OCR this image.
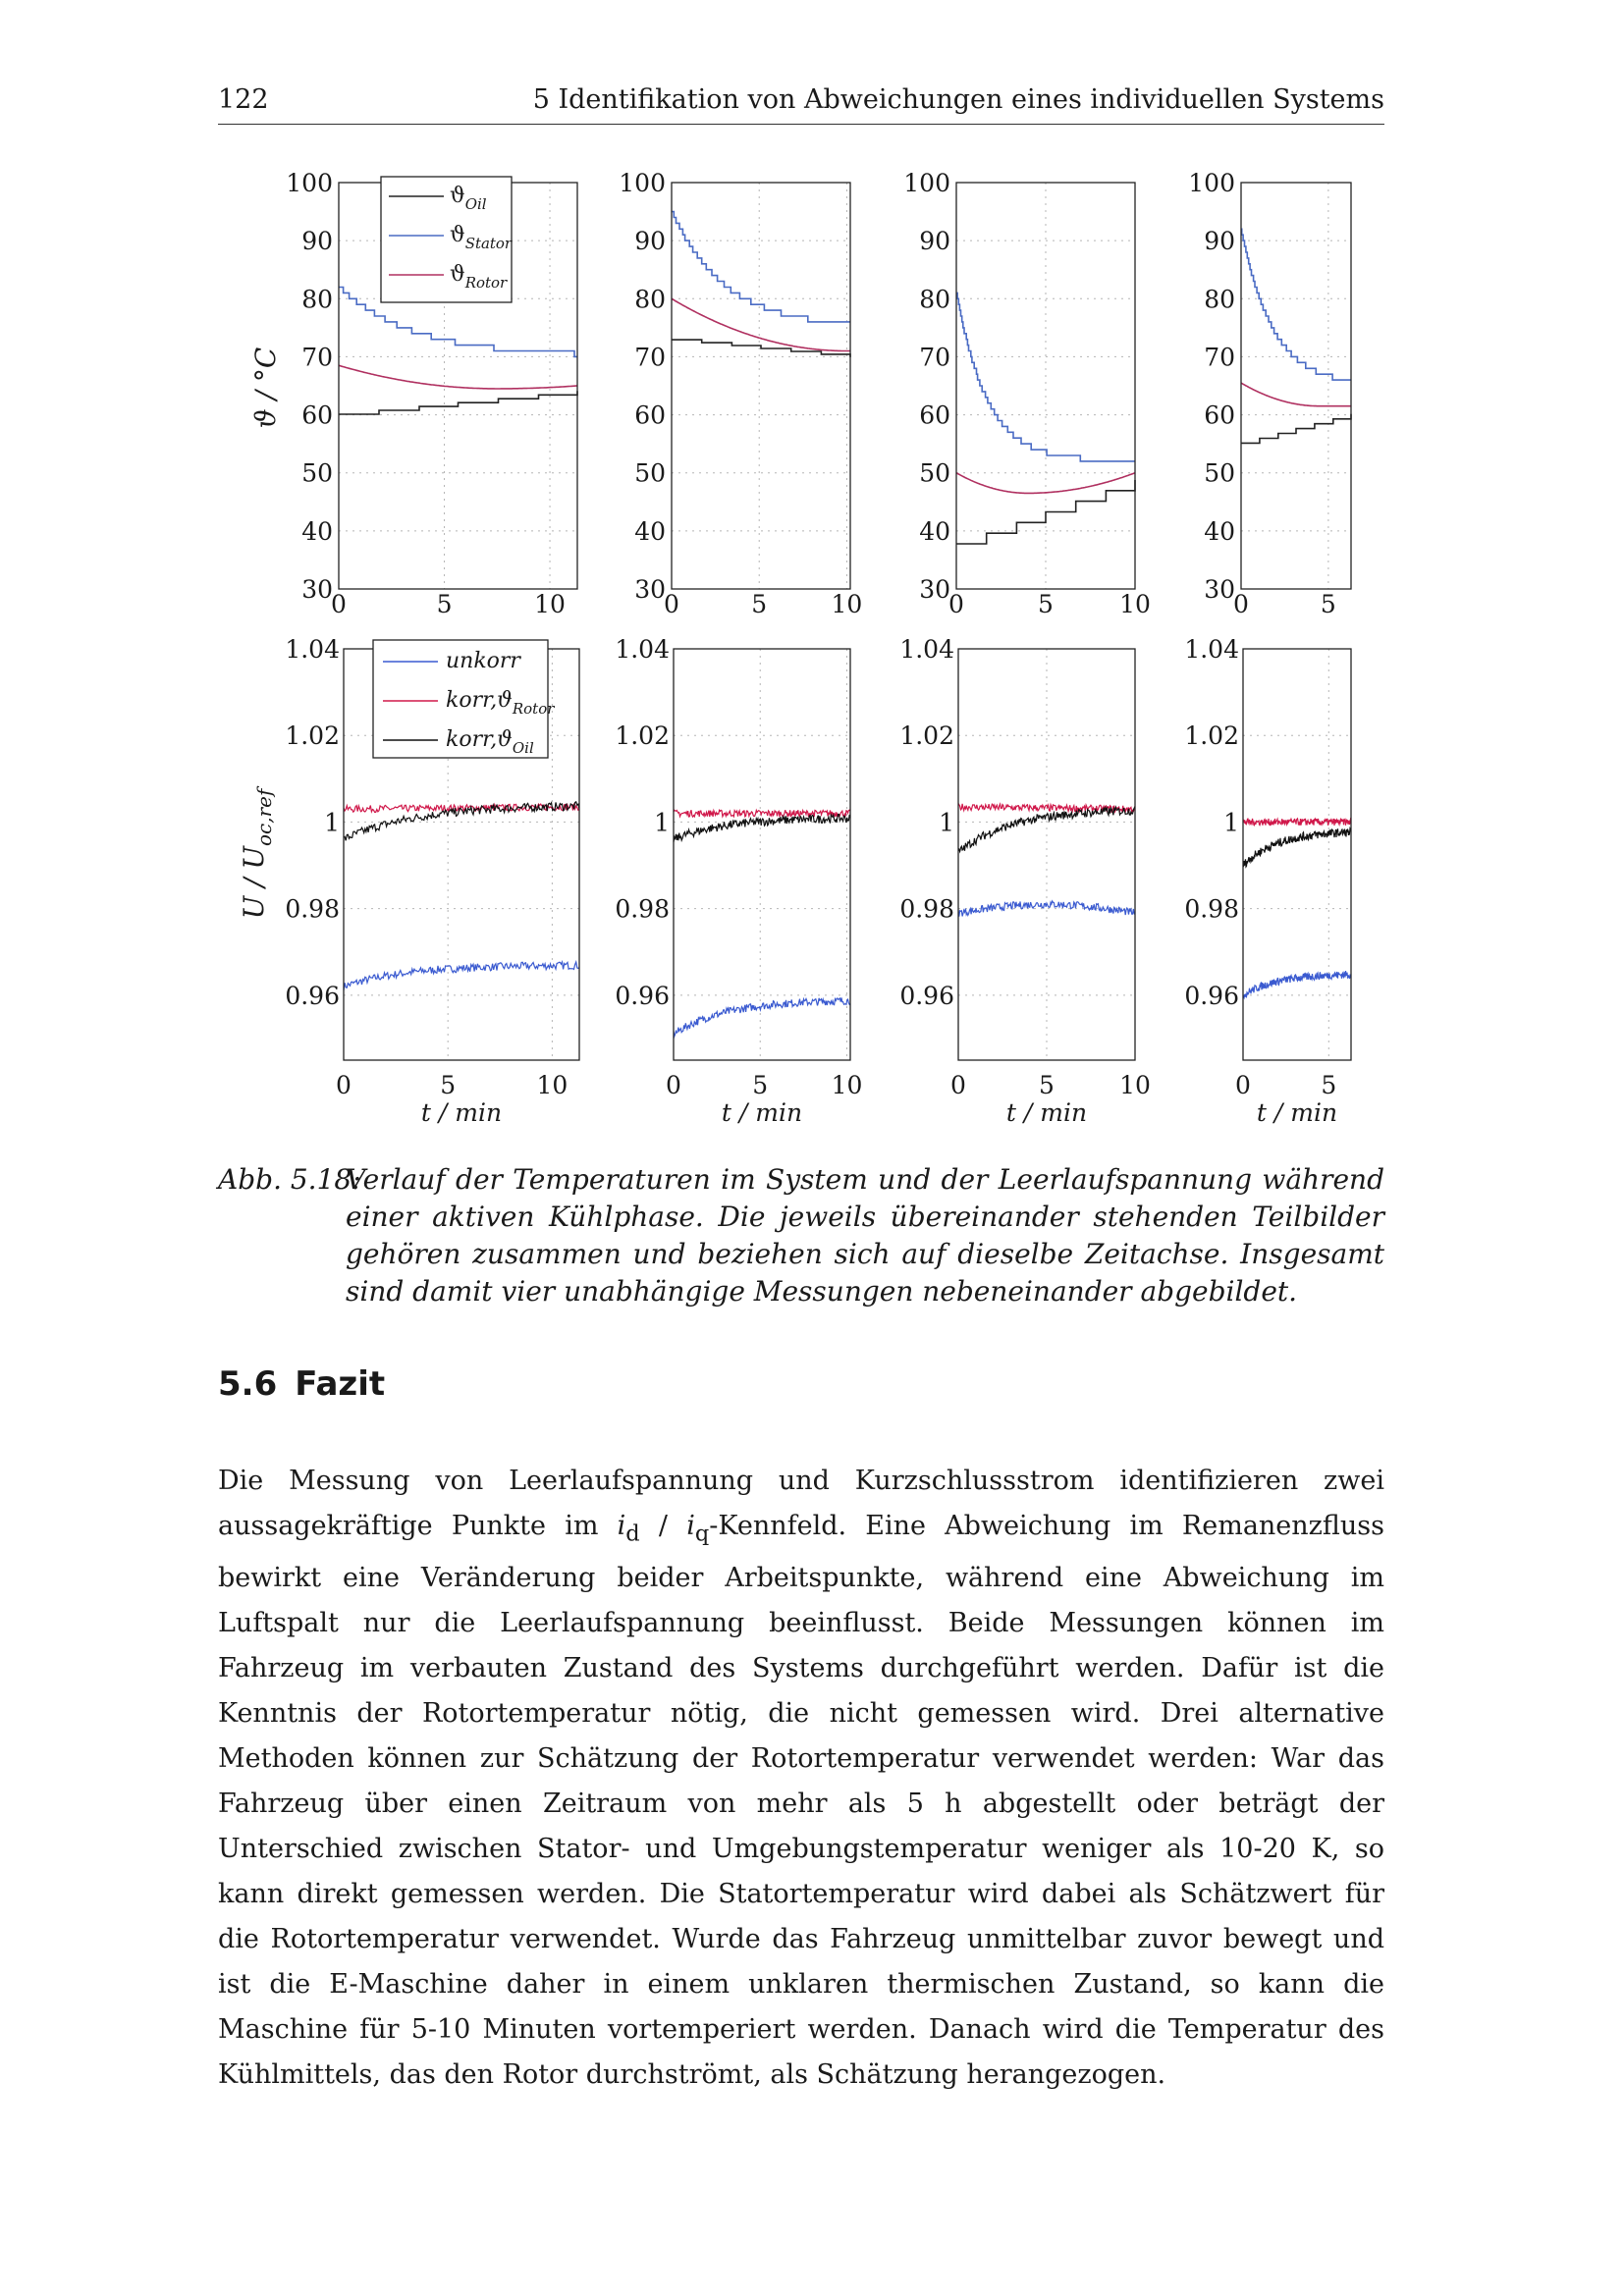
122	5 Identifikation von Abweichungen eines individuellen Systems
30
40
50
60
70
80
90
100
0	5	10
0.96
0.98
1
1.02
1.04
0	5	10
t / min
30
40
50
60
70
80
90
100
0	5	10
0.96
0.98
1
1.02
1.04
0	5	10
t / min
30
40
50
60
70
80
90
100
0	5	10
0.96
0.98
1
1.02
1.04
0	5	10
t / min
30
40
50
60
70
80
90
100
0	5
0.96
0.98
1
1.02
1.04
0	5
t / min
ϑ / °C
U / $U_{oc,ref}$
$ϑ_{Oil}$
$ϑ_{Stator}$
$ϑ_{Rotor}$
unkorr
$korr,ϑ_{Rotor}$
$korr,ϑ_{Oil}$
Abb. 5.18:
Verlauf der Temperaturen im System und der Leerlaufspannung während einer aktiven Kühlphase. Die jeweils übereinander stehenden Teilbilder gehören zusammen und beziehen sich auf dieselbe Zeitachse. Insgesamt sind damit vier unabhängige Messungen nebeneinander abgebildet.
5.6 Fazit

Die Messung von Leerlaufspannung und Kurzschlussstrom identifizieren zwei aussagekräftige Punkte im $i_d$ / $i_q$-Kennfeld. Eine Abweichung im Remanenzfluss bewirkt eine Veränderung beider Arbeitspunkte, während eine Abweichung im Luftspalt nur die Leerlaufspannung beeinflusst. Beide Messungen können im Fahrzeug im verbauten Zustand des Systems durchgeführt werden. Dafür ist die Kenntnis der Rotortemperatur nötig, die nicht gemessen wird. Drei alternative Methoden können zur Schätzung der Rotortemperatur verwendet werden: War das Fahrzeug über einen Zeitraum von mehr als 5 h abgestellt oder beträgt der Unterschied zwischen Stator- und Umgebungstemperatur weniger als 10-20 K, so kann direkt gemessen werden. Die Statortemperatur wird dabei als Schätzwert für die Rotortemperatur verwendet. Wurde das Fahrzeug unmittelbar zuvor bewegt und ist die E-Maschine daher in einem unklaren thermischen Zustand, so kann die Maschine für 5-10 Minuten vortemperiert werden. Danach wird die Temperatur des Kühlmittels, das den Rotor durchströmt, als Schätzung herangezogen.
